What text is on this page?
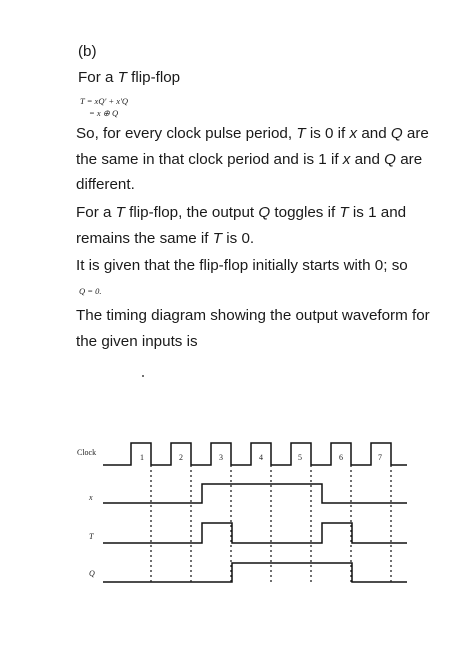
(b)
For a T flip-flop
T = xQ' + x'Q
= x ⊕ Q
So, for every clock pulse period, T is 0 if x and Q are the same in that clock period and is 1 if x and Q are different.
For a T flip-flop, the output Q toggles if T is 1 and remains the same if T is 0.
It is given that the flip-flop initially starts with 0; so
Q = 0.
The timing diagram showing the output waveform for the given inputs is
Clock
x
T
Q
1	2	3	4	5	6	7
